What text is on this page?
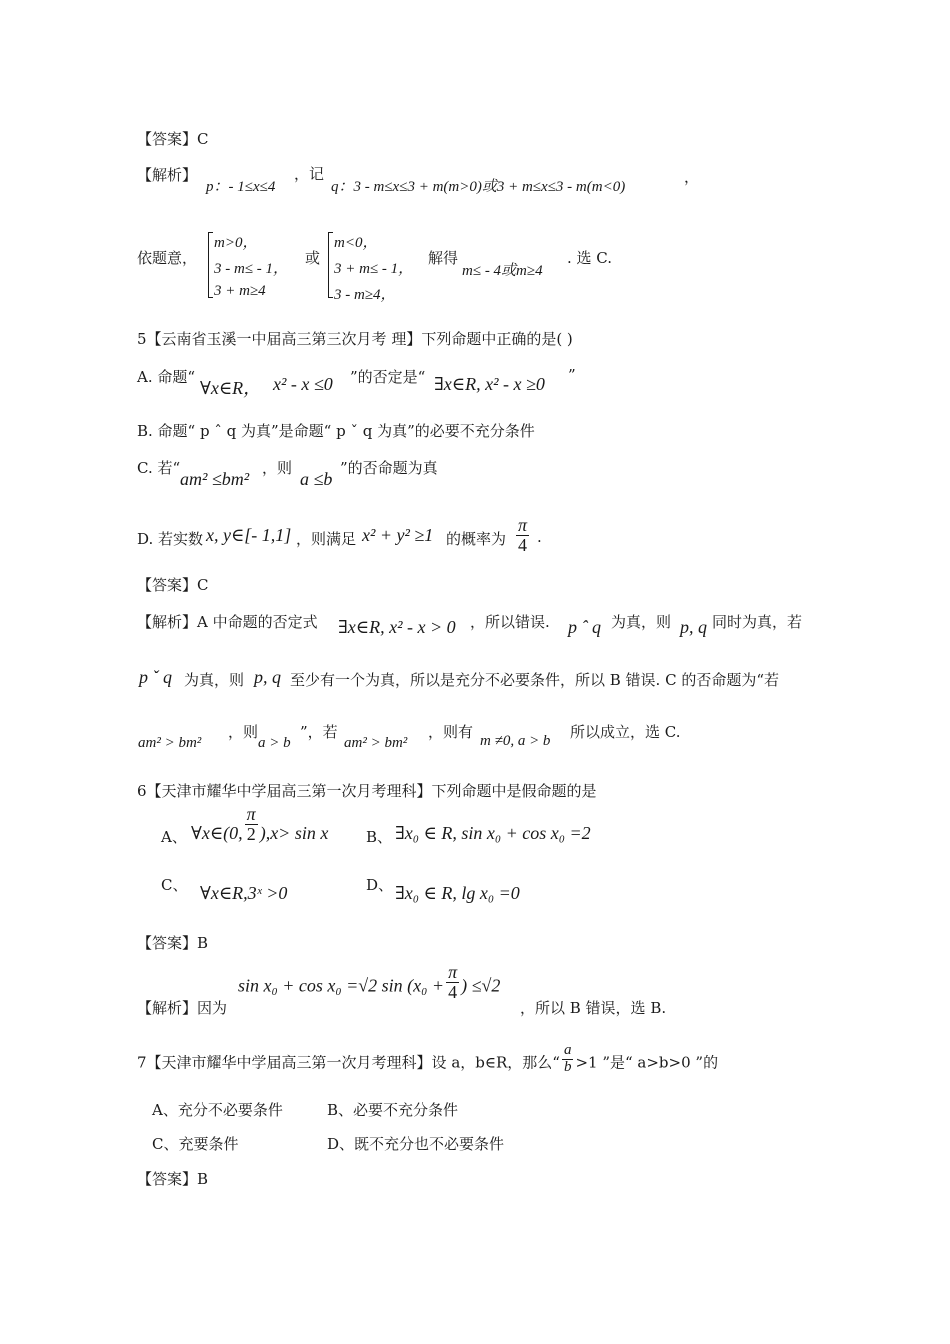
【答案】C
【解析】
p：- 1≤x≤4
，记
q：3 - m≤x≤3 + m(m>0)或3 + m≤x≤3 - m(m<0)
，
依题意，
m>0，
3 - m≤ - 1，
3 + m≥4
或
m<0，
3 + m≤ - 1，
3 - m≥4，
解得
m≤ - 4或m≥4
. 选 C.
5【云南省玉溪一中届高三第三次月考 理】下列命题中正确的是( )
A. 命题“
∀x∈R， x² - x ≤0 ”的否定是“ ∃x∈R, x² - x ≥0 ”
B. 命题“ p ˆ q 为真”是命题“ p ˇ q 为真”的必要不充分条件
C. 若“
am² ≤bm²
，则
a ≤b
”的否命题为真
D. 若实数 x, y∈[- 1,1] ，则满足 x² + y² ≥1 的概率为 $\frac{\pi}{4}$ .
【答案】C
【解析】A 中命题的否定式 ∃x∈R, x² - x > 0 ，所以错误. p ˆ q 为真，则 p, q 同时为真，若
p ˇ q 为真，则 p, q 至少有一个为真，所以是充分不必要条件，所以 B 错误. C 的否命题为“若
am² > bm²
，则
a > b
”，若
am² > bm²
，则有 m ≠0, a > b 所以成立，选 C.
6【天津市耀华中学届高三第一次月考理科】下列命题中是假命题的是
A、 ∀x∈(0, $\frac{\pi}{2} ),x> \sin x$	B、 ∃x₀ ∈ R, sin x₀ + cos x₀ =2
C、 ∀x∈R,3ˣ >0	D、 ∃x₀ ∈ R, lg x₀ =0
【答案】B
【解析】因为
sin x₀ + cos x₀ =√2 $\sin (x_0 + \frac{\pi}{4}$ ) ≤√2
，所以 B 错误，选 B.
7【天津市耀华中学届高三第一次月考理科】设 a，b∈R，那么“ $\frac{a}{b} >1$ ”是“ a>b>0 ”的
A、充分不必要条件	B、必要不充分条件
C、充要条件	D、既不充分也不必要条件
【答案】B
